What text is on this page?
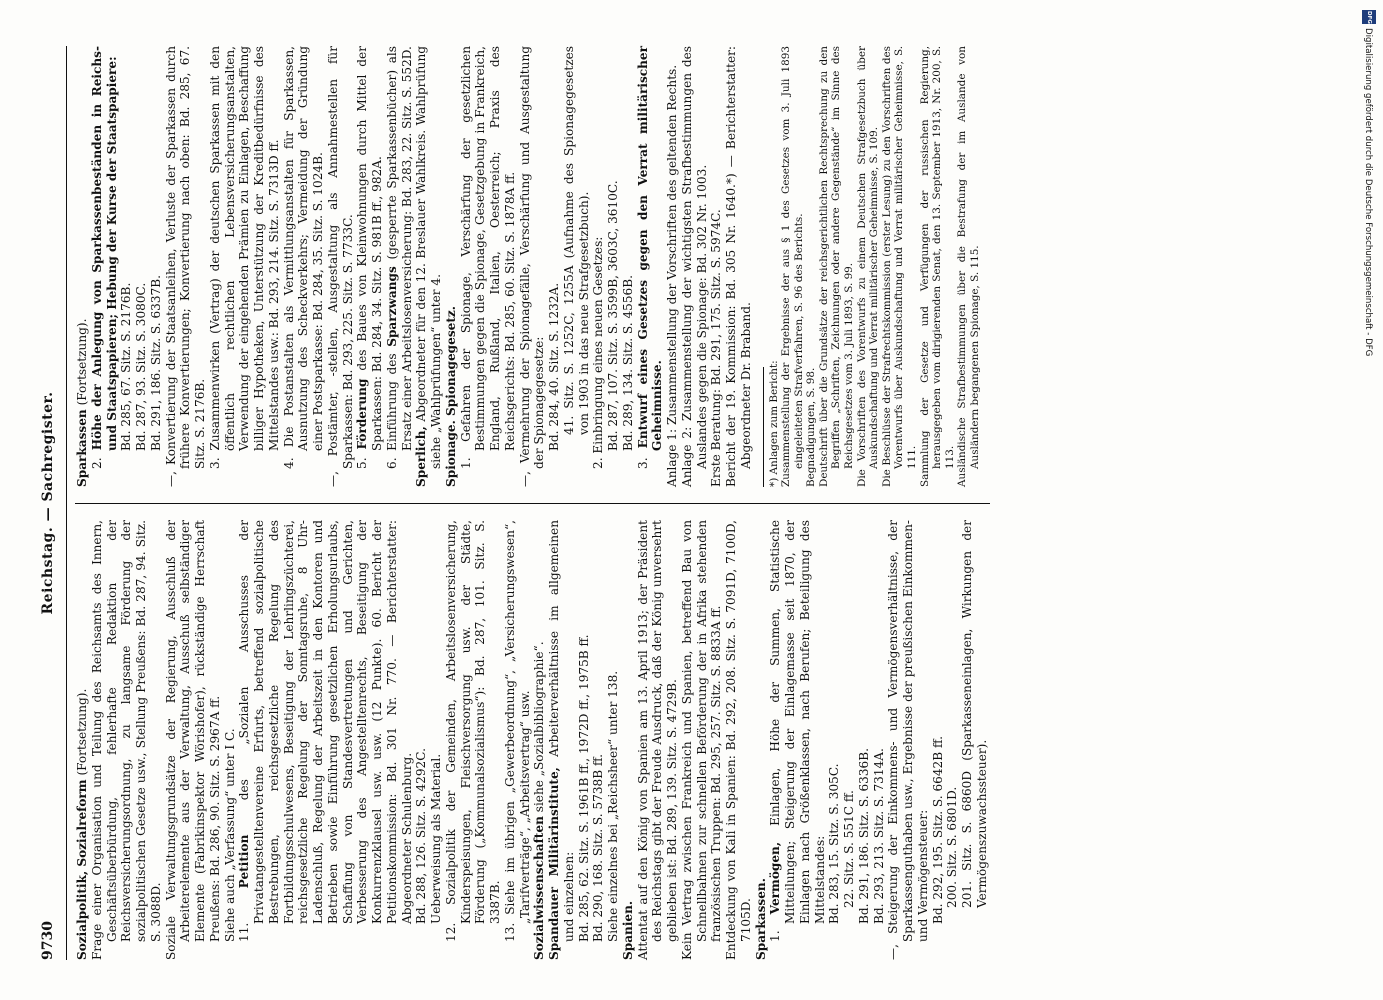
9730
Reichstag. — Sachregister.

Sozialpolitik, Sozialreform (Fortsetzung). Frage einer Organisation und Teilung des Reichsamts des Innern, Geschäftsüberbürdung, fehlerhafte Redaktion der Reichsversicherungsordnung, zu langsame Förderung der sozialpolitischen Gesetze usw., Stellung Preußens: Bd. 287, 94. Sitz. S. 3088D. Soziale Verwaltungsgrundsätze der Regierung, Ausschluß der Arbeiterelemente aus der Verwaltung, Ausschuß selbständiger Elemente (Fabrikinspektor Wörishofer), rückständige Herrschaft Preußens: Bd. 286, 90. Sitz. S. 2967A ff. Siehe auch „Verfassung“ unter I C. 11. Petition des „Sozialen Ausschusses der Privatangestelltenvereine Erfurts, betreffend sozialpolitische Bestrebungen, reichsgesetzliche Regelung des Fortbildungsschulwesens, Beseitigung der Lehrlingszüchterei, reichsgesetzliche Regelung der Sonntagsruhe, 8 Uhr-Ladenschluß, Regelung der Arbeitszeit in den Kontoren und Betrieben sowie Einführung gesetzlichen Erholungsurlaubs, Schaffung von Standesvertretungen und Gerichten, Verbesserung des Angestelltenrechts, Beseitigung der Konkurrenzklausel usw. usw. (12 Punkte). 60. Bericht der Petitionskommission: Bd. 301 Nr. 770. — Berichterstatter: Abgeordneter Schulenburg. Bd. 288, 126. Sitz. S. 4292C. Ueberweisung als Material. 12. Sozialpolitik der Gemeinden, Arbeitslosenversicherung, Kinderspeisungen, Fleischversorgung usw. der Städte, Förderung („Kommunalsozialismus“): Bd. 287, 101. Sitz. S. 3387B. 13. Siehe im übrigen „Gewerbeordnung“, „Versicherungswesen“, „Tarifverträge“, „Arbeitsvertrag“ usw. Sozialwissenschaften siehe „Sozialbibliographie“.

Spandauer Militärinstitute, Arbeiterverhältnisse im allgemeinen und einzelnen: Bd. 285, 62. Sitz. S. 1961B ff., 1972D ff., 1975B ff. Bd. 290, 168. Sitz. S. 5738B ff. Siehe einzelnes bei „Reichsheer“ unter 138. Spanien. Attentat auf den König von Spanien am 13. April 1913; der Präsident des Reichstags gibt der Freude Ausdruck, daß der König unversehrt geblieben ist: Bd. 289, 139. Sitz. S. 4729B. Kein Vertrag zwischen Frankreich und Spanien, betreffend Bau von Schnellbahnen zur schnellen Beförderung der in Afrika stehenden französischen Truppen: Bd. 295, 257. Sitz. S. 8833A ff. Entdeckung von Kali in Spanien: Bd. 292, 208. Sitz. S. 7091D, 7100D, 7105D. Sparkassen. 1. Vermögen, Einlagen, Höhe der Summen, Statistische Mitteilungen; Steigerung der Einlagemasse seit 1870, der Einlagen nach Größenklassen, nach Berufen; Beteiligung des Mittelstandes: Bd. 283, 15. Sitz. S. 305C. 22. Sitz. S. 551C ff. Bd. 291, 186. Sitz. S. 6336B. Bd. 293, 213. Sitz. S. 7314A. —, Steigerung der Einkommens- und Vermögensverhältnisse, der Sparkassenguthaben usw., Ergebnisse der preußischen Einkommen- und Vermögensteuer: Bd. 292, 195. Sitz. S. 6642B ff. 200. Sitz. S. 6801D. 201. Sitz. S. 6860D (Sparkasseneinlagen, Wirkungen der Vermögenszuwachssteuer).

Sparkassen (Fortsetzung).

2. Höhe der Anlegung von Sparkassenbeständen in Reichs- und Staatspapieren; Hebung der Kurse der Staatspapiere: Bd. 285, 67. Sitz. S. 2176B. Bd. 287, 93. Sitz. S. 3080C. Bd. 291, 186. Sitz. S. 6337B. —, Konvertierung der Staatsanleihen, Verluste der Sparkassen durch frühere Konvertierungen; Konvertierung nach oben: Bd. 285, 67. Sitz. S. 2176B. 3. Zusammenwirken (Vertrag) der deutschen Sparkassen mit den öffentlich rechtlichen Lebensversicherungsanstalten, Verwendung der eingehenden Prämien zu Einlagen, Beschaffung billiger Hypotheken, Unterstützung der Kreditbedürfnisse des Mittelstandes usw.: Bd. 293, 214. Sitz. S. 7313D ff. 4. Die Postanstalten als Vermittlungsanstalten für Sparkassen, Ausnutzung des Scheckverkehrs; Vermeidung der Gründung einer Postsparkasse: Bd. 284, 35. Sitz. S. 1024B. —, Postämter, -stellen, Ausgestaltung als Annahmestellen für Sparkassen: Bd. 293, 225. Sitz. S. 7733C. 5. Förderung des Baues von Kleinwohnungen durch Mittel der Sparkassen: Bd. 284, 34. Sitz. S. 981B ff., 982A. 6. Einführung des Sparzwangs (gesperrte Sparkassenbücher) als Ersatz einer Arbeitslosenversicherung: Bd. 283, 22. Sitz. S. 552D.

Sperlich, Abgeordneter für den 12. Breslauer Wahlkreis. Wahlprüfung siehe „Wahlprüfungen“ unter 4. Spionage. Spionagegesetz. 1. Gefahren der Spionage, Verschärfung der gesetzlichen Bestimmungen gegen die Spionage, Gesetzgebung in Frankreich, England, Rußland, Italien, Oesterreich; Praxis des Reichsgerichts: Bd. 285, 60. Sitz. S. 1878A ff. —, Vermehrung der Spionagefälle, Verschärfung und Ausgestaltung der Spionagegesetze: Bd. 284, 40. Sitz. S. 1232A. 41. Sitz. S. 1252C, 1255A (Aufnahme des Spionagegesetzes von 1903 in das neue Strafgesetzbuch). 2. Einbringung eines neuen Gesetzes: Bd. 287, 107. Sitz. S. 3599B, 3603C, 3610C. Bd. 289, 134. Sitz. S. 4556B.

3. Entwurf eines Gesetzes gegen den Verrat militärischer Geheimnisse. Anlage 1: Zusammenstellung der Vorschriften des geltenden Rechts. Anlage 2: Zusammenstellung der wichtigsten Strafbestimmungen des Auslandes gegen die Spionage: Bd. 302 Nr. 1003. Erste Beratung: Bd. 291, 175. Sitz. S. 5974C. Bericht der 19. Kommission: Bd. 305 Nr. 1640.*) — Berichterstatter: Abgeordneter Dr. Braband. *) Anlagen zum Bericht: Zusammenstellung der Ergebnisse der aus § 1 des Gesetzes vom 3. Juli 1893 eingeleiteten Strafverfahren, S. 96 des Berichts. Begnadigungen, S. 98. Deutschrift über die Grundsätze der reichsgerichtlichen Rechtsprechung zu den Begriffen „Schriften, Zeichnungen oder andere Gegenstände“ im Sinne des Reichsgesetzes vom 3. Juli 1893, S. 99. Die Vorschriften des Vorentwurfs zu einem Deutschen Strafgesetzbuch über Auskundschaftung und Verrat militärischer Geheimnisse, S. 109. Die Beschlüsse der Strafrechtskommission (erster Lesung) zu den Vorschriften des Vorentwurfs über Auskundschaftung und Verrat militärischer Geheimnisse, S. 111. Sammlung der Gesetze und Verfügungen der russischen Regierung, herausgegeben vom dirigierenden Senat, den 13. September 1913, Nr. 200, S. 113. Ausländische Strafbestimmungen über die Bestrafung der im Auslande von Ausländern begangenen Spionage, S. 115.

DFG
Digitalisierung gefördert durch die Deutsche Forschungsgemeinschaft - DFG
